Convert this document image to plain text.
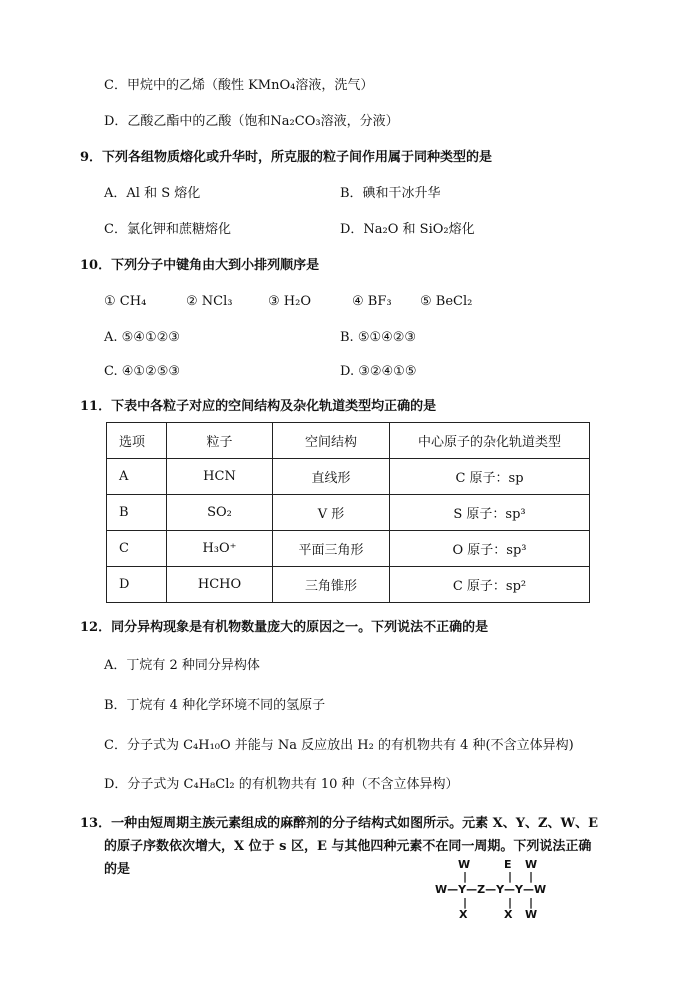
C．甲烷中的乙烯（酸性 KMnO₄溶液，洗气）
D．乙酸乙酯中的乙酸（饱和Na₂CO₃溶液，分液）
9．下列各组物质熔化或升华时，所克服的粒子间作用属于同种类型的是
A．Al 和 S 熔化	B．碘和干冰升华
C．氯化钾和蔗糖熔化	D．Na₂O 和 SiO₂熔化
10．下列分子中键角由大到小排列顺序是
① CH₄	② NCl₃	③ H₂O	④ BF₃ ⑤ BeCl₂
A. ⑤④①②③	B. ⑤①④②③
C. ④①②⑤③	D. ③②④①⑤
11．下表中各粒子对应的空间结构及杂化轨道类型均正确的是
选项	粒子	空间结构	中心原子的杂化轨道类型
A	HCN	直线形	C 原子：sp
B	SO₂	V 形	S 原子：sp³
C	H₃O⁺	平面三角形	O 原子：sp³
D	HCHO	三角锥形	C 原子：sp²
12．同分异构现象是有机物数量庞大的原因之一。下列说法不正确的是
A．丁烷有 2 种同分异构体
B．丁烷有 4 种化学环境不同的氢原子
C．分子式为 C₄H₁₀O 并能与 Na 反应放出 H₂ 的有机物共有 4 种(不含立体异构)
D．分子式为 C₄H₈Cl₂ 的有机物共有 10 种（不含立体异构）
13．一种由短周期主族元素组成的麻醉剂的分子结构式如图所示。元素 X、Y、Z、W、E
的原子序数依次增大，X 位于 s 区，E 与其他四种元素不在同一周期。下列说法正确
的是	W	E W
|	| |
W—Y—Z—Y—Y—W
|	| |
X	X W
